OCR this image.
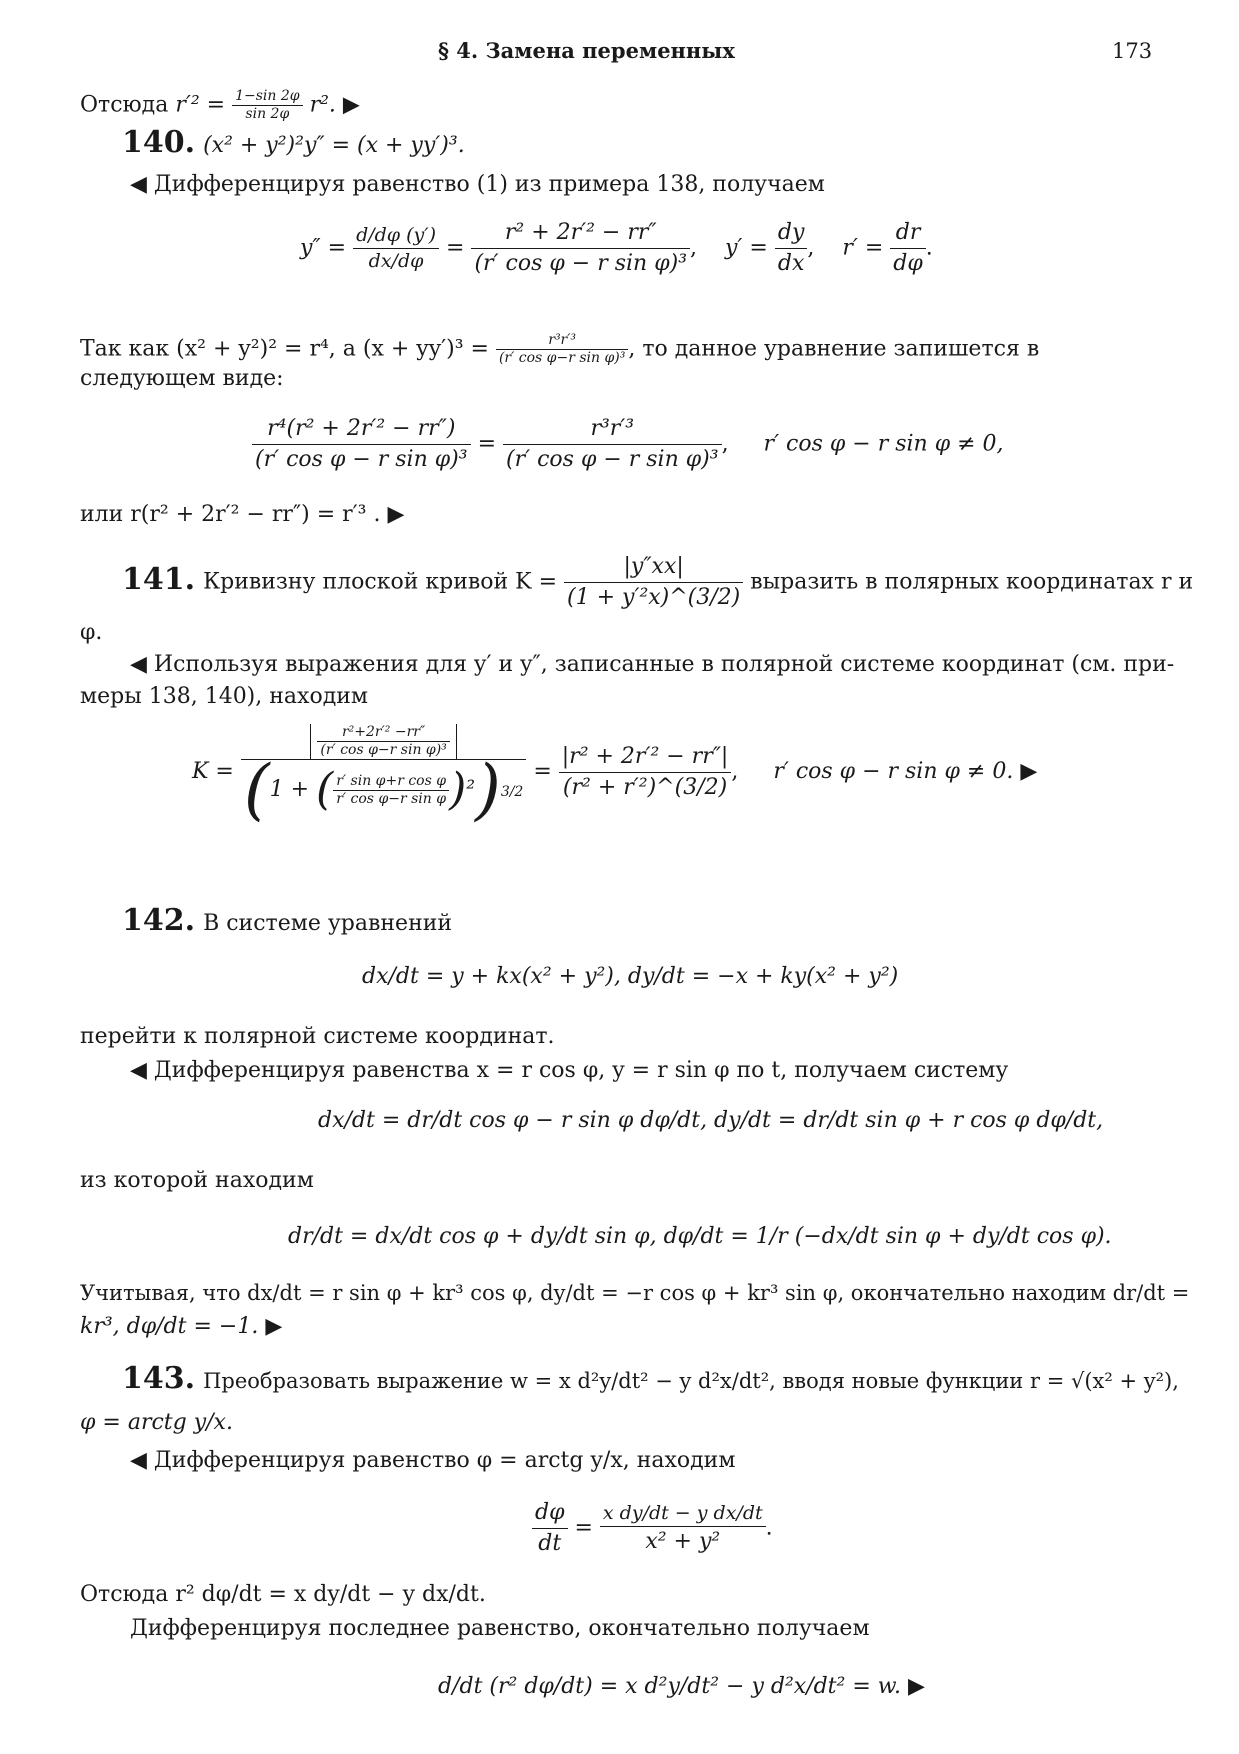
§ 4. Замена переменных	173
Отсюда $r'^2 = \frac{1-\sin 2\varphi}{\sin 2\varphi} r^2$. ▶
140. (x² + y²)²y″ = (x + yy′)³.
◀ Дифференцируя равенство (1) из примера 138, получаем
$y'' = \frac{d/d\varphi (y')}{dx/d\varphi} = \frac{\text{r² + 2r′² − rr″}}{\text{(r′ cos φ − r sin φ)³}}$ ,    $y' = \frac{dy}{dx}$ ,    $r' = \frac{dr}{d\varphi}$ .
Так как (x² + y²)² = r⁴, а $(x + yy')^3 = \frac{\text{r³r′³}}{\text{(r′ cos φ−r sin φ)³}}$ , то данное уравнение запишется в
следующем виде:
$\frac{\text{r⁴(r² + 2r′² − rr″)}}{\text{(r′ cos φ − r sin φ)³}} = \frac{\text{r³r′³}}{\text{(r′ cos φ − r sin φ)³}}$ ,     r′ cos φ − r sin φ ≠ 0,
или r(r² + 2r′² − rr″) = r′³ . ▶
141. Кривизну плоской кривой $K = \frac{|y''xx|}{\text{(1 + y′²x)\textasciicircum{}(3/2)}}$ выразить в полярных координатах r и
φ.
◀ Используя выражения для y′ и y″, записанные в полярной системе координат (см. при-
меры 138, 140), находим
$K = \frac{\frac{\text{r²+2r′² −rr″}}{\text{(r′ cos φ−r sin φ)³}}}{(1 + ( \frac{\text{r′ sin φ+r cos φ}}{\text{r′ cos φ−r sin φ}} )^2)3/2} = \frac{\text{|r² + 2r′² − rr″|}}{\text{(r² + r′²)\textasciicircum{}(3/2)}}$ ,     r′ cos φ − r sin φ ≠ 0. ▶
142. В системе уравнений
dx/dt = y + kx(x² + y²), dy/dt = −x + ky(x² + y²)
перейти к полярной системе координат.
◀ Дифференцируя равенства x = r cos φ, y = r sin φ по t, получаем систему
dx/dt = dr/dt cos φ − r sin φ dφ/dt, dy/dt = dr/dt sin φ + r cos φ dφ/dt,
из которой находим
dr/dt = dx/dt cos φ + dy/dt sin φ, dφ/dt = 1/r (−dx/dt sin φ + dy/dt cos φ).
Учитывая, что dx/dt = r sin φ + kr³ cos φ, dy/dt = −r cos φ + kr³ sin φ, окончательно находим dr/dt =
kr³, dφ/dt = −1. ▶
143. Преобразовать выражение w = x d²y/dt² − y d²x/dt², вводя новые функции r = √(x² + y²),
φ = arctg y/x.
◀ Дифференцируя равенство φ = arctg y/x, находим
$\frac{d\varphi}{dt} = \frac{\text{x dy/dt − y dx/dt}}{\text{x² + y²}}$ .
Отсюда r² dφ/dt = x dy/dt − y dx/dt.
Дифференцируя последнее равенство, окончательно получаем
d/dt (r² dφ/dt) = x d²y/dt² − y d²x/dt² = w. ▶
